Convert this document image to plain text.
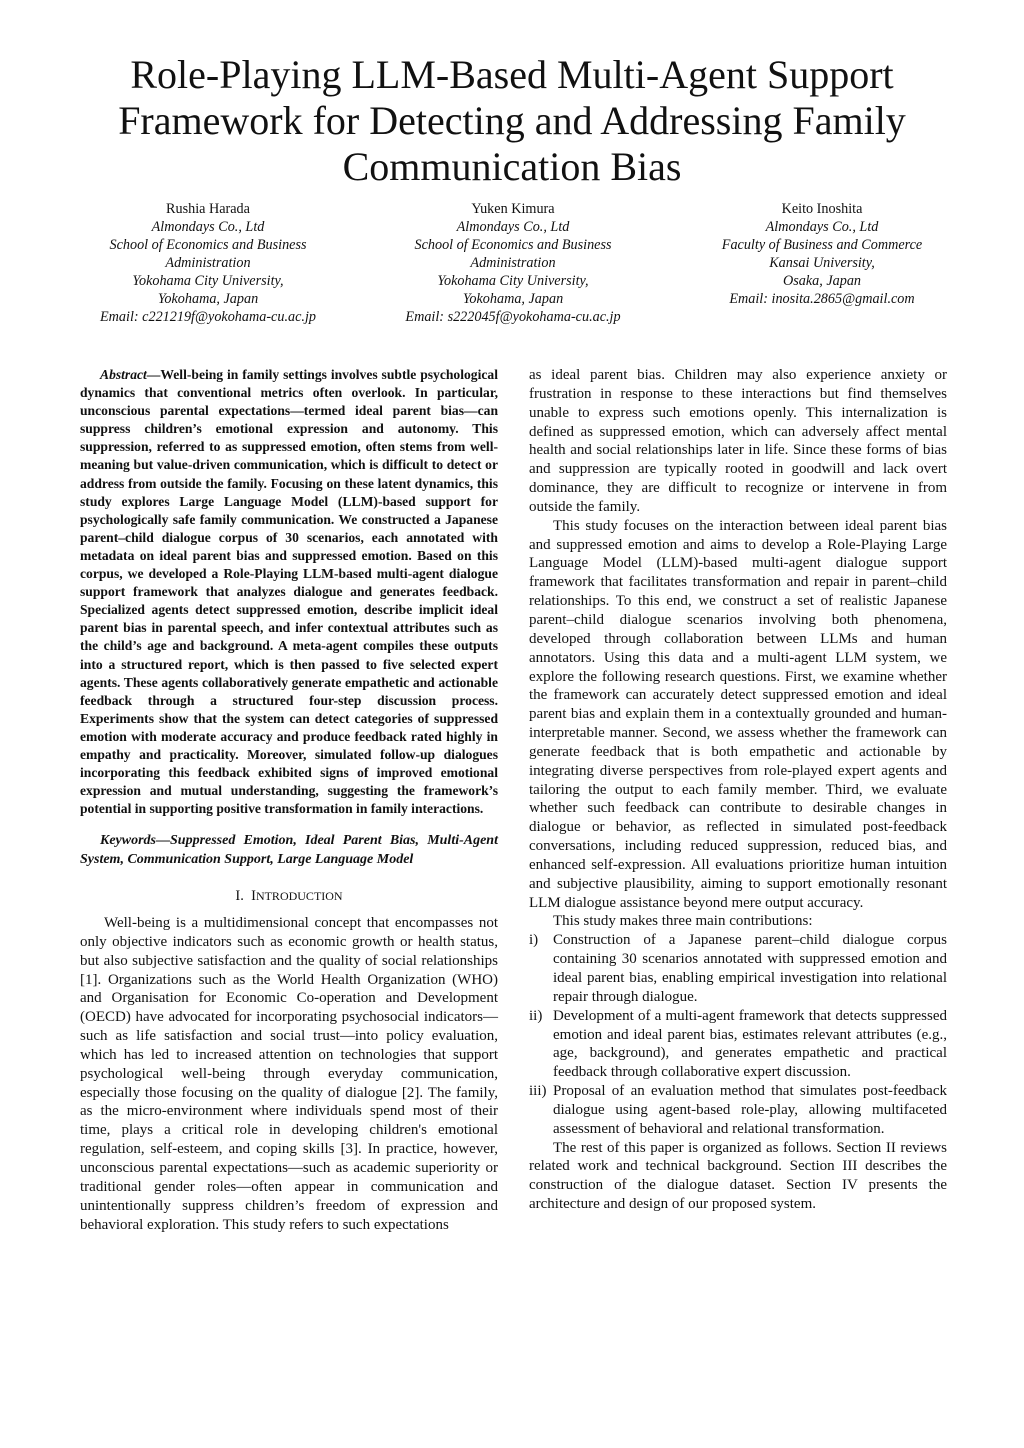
Role-Playing LLM-Based Multi-Agent Support Framework for Detecting and Addressing Family Communication Bias
Rushia Harada
Almondays Co., Ltd
School of Economics and Business
Administration
Yokohama City University,
Yokohama, Japan
Email: c221219f@yokohama-cu.ac.jp
Yuken Kimura
Almondays Co., Ltd
School of Economics and Business
Administration
Yokohama City University,
Yokohama, Japan
Email: s222045f@yokohama-cu.ac.jp
Keito Inoshita
Almondays Co., Ltd
Faculty of Business and Commerce
Kansai University,
Osaka, Japan
Email: inosita.2865@gmail.com

Abstract—Well-being in family settings involves subtle psychological dynamics that conventional metrics often overlook. In particular, unconscious parental expectations—termed ideal parent bias—can suppress children’s emotional expression and autonomy. This suppression, referred to as suppressed emotion, often stems from well-meaning but value-driven communication, which is difficult to detect or address from outside the family. Focusing on these latent dynamics, this study explores Large Language Model (LLM)-based support for psychologically safe family communication. We constructed a Japanese parent–child dialogue corpus of 30 scenarios, each annotated with metadata on ideal parent bias and suppressed emotion. Based on this corpus, we developed a Role-Playing LLM-based multi-agent dialogue support framework that analyzes dialogue and generates feedback. Specialized agents detect suppressed emotion, describe implicit ideal parent bias in parental speech, and infer contextual attributes such as the child’s age and background. A meta-agent compiles these outputs into a structured report, which is then passed to five selected expert agents. These agents collaboratively generate empathetic and actionable feedback through a structured four-step discussion process. Experiments show that the system can detect categories of suppressed emotion with moderate accuracy and produce feedback rated highly in empathy and practicality. Moreover, simulated follow-up dialogues incorporating this feedback exhibited signs of improved emotional expression and mutual understanding, suggesting the framework’s potential in supporting positive transformation in family interactions.

Keywords—Suppressed Emotion, Ideal Parent Bias, Multi-Agent System, Communication Support, Large Language Model

I. INTRODUCTION

Well-being is a multidimensional concept that encompasses not only objective indicators such as economic growth or health status, but also subjective satisfaction and the quality of social relationships [1]. Organizations such as the World Health Organization (WHO) and Organisation for Economic Co-operation and Development (OECD) have advocated for incorporating psychosocial indicators—such as life satisfaction and social trust—into policy evaluation, which has led to increased attention on technologies that support psychological well-being through everyday communication, especially those focusing on the quality of dialogue [2]. The family, as the micro-environment where individuals spend most of their time, plays a critical role in developing children's emotional regulation, self-esteem, and coping skills [3]. In practice, however, unconscious parental expectations—such as academic superiority or traditional gender roles—often appear in communication and unintentionally suppress children’s freedom of expression and behavioral exploration. This study refers to such expectations

as ideal parent bias. Children may also experience anxiety or frustration in response to these interactions but find themselves unable to express such emotions openly. This internalization is defined as suppressed emotion, which can adversely affect mental health and social relationships later in life. Since these forms of bias and suppression are typically rooted in goodwill and lack overt dominance, they are difficult to recognize or intervene in from outside the family.

This study focuses on the interaction between ideal parent bias and suppressed emotion and aims to develop a Role-Playing Large Language Model (LLM)-based multi-agent dialogue support framework that facilitates transformation and repair in parent–child relationships. To this end, we construct a set of realistic Japanese parent–child dialogue scenarios involving both phenomena, developed through collaboration between LLMs and human annotators. Using this data and a multi-agent LLM system, we explore the following research questions. First, we examine whether the framework can accurately detect suppressed emotion and ideal parent bias and explain them in a contextually grounded and human-interpretable manner. Second, we assess whether the framework can generate feedback that is both empathetic and actionable by integrating diverse perspectives from role-played expert agents and tailoring the output to each family member. Third, we evaluate whether such feedback can contribute to desirable changes in dialogue or behavior, as reflected in simulated post-feedback conversations, including reduced suppression, reduced bias, and enhanced self-expression. All evaluations prioritize human intuition and subjective plausibility, aiming to support emotionally resonant LLM dialogue assistance beyond mere output accuracy.

This study makes three main contributions:

i) Construction of a Japanese parent–child dialogue corpus containing 30 scenarios annotated with suppressed emotion and ideal parent bias, enabling empirical investigation into relational repair through dialogue.
ii) Development of a multi-agent framework that detects suppressed emotion and ideal parent bias, estimates relevant attributes (e.g., age, background), and generates empathetic and practical feedback through collaborative expert discussion.
iii) Proposal of an evaluation method that simulates post-feedback dialogue using agent-based role-play, allowing multifaceted assessment of behavioral and relational transformation.

The rest of this paper is organized as follows. Section II reviews related work and technical background. Section III describes the construction of the dialogue dataset. Section IV presents the architecture and design of our proposed system.
